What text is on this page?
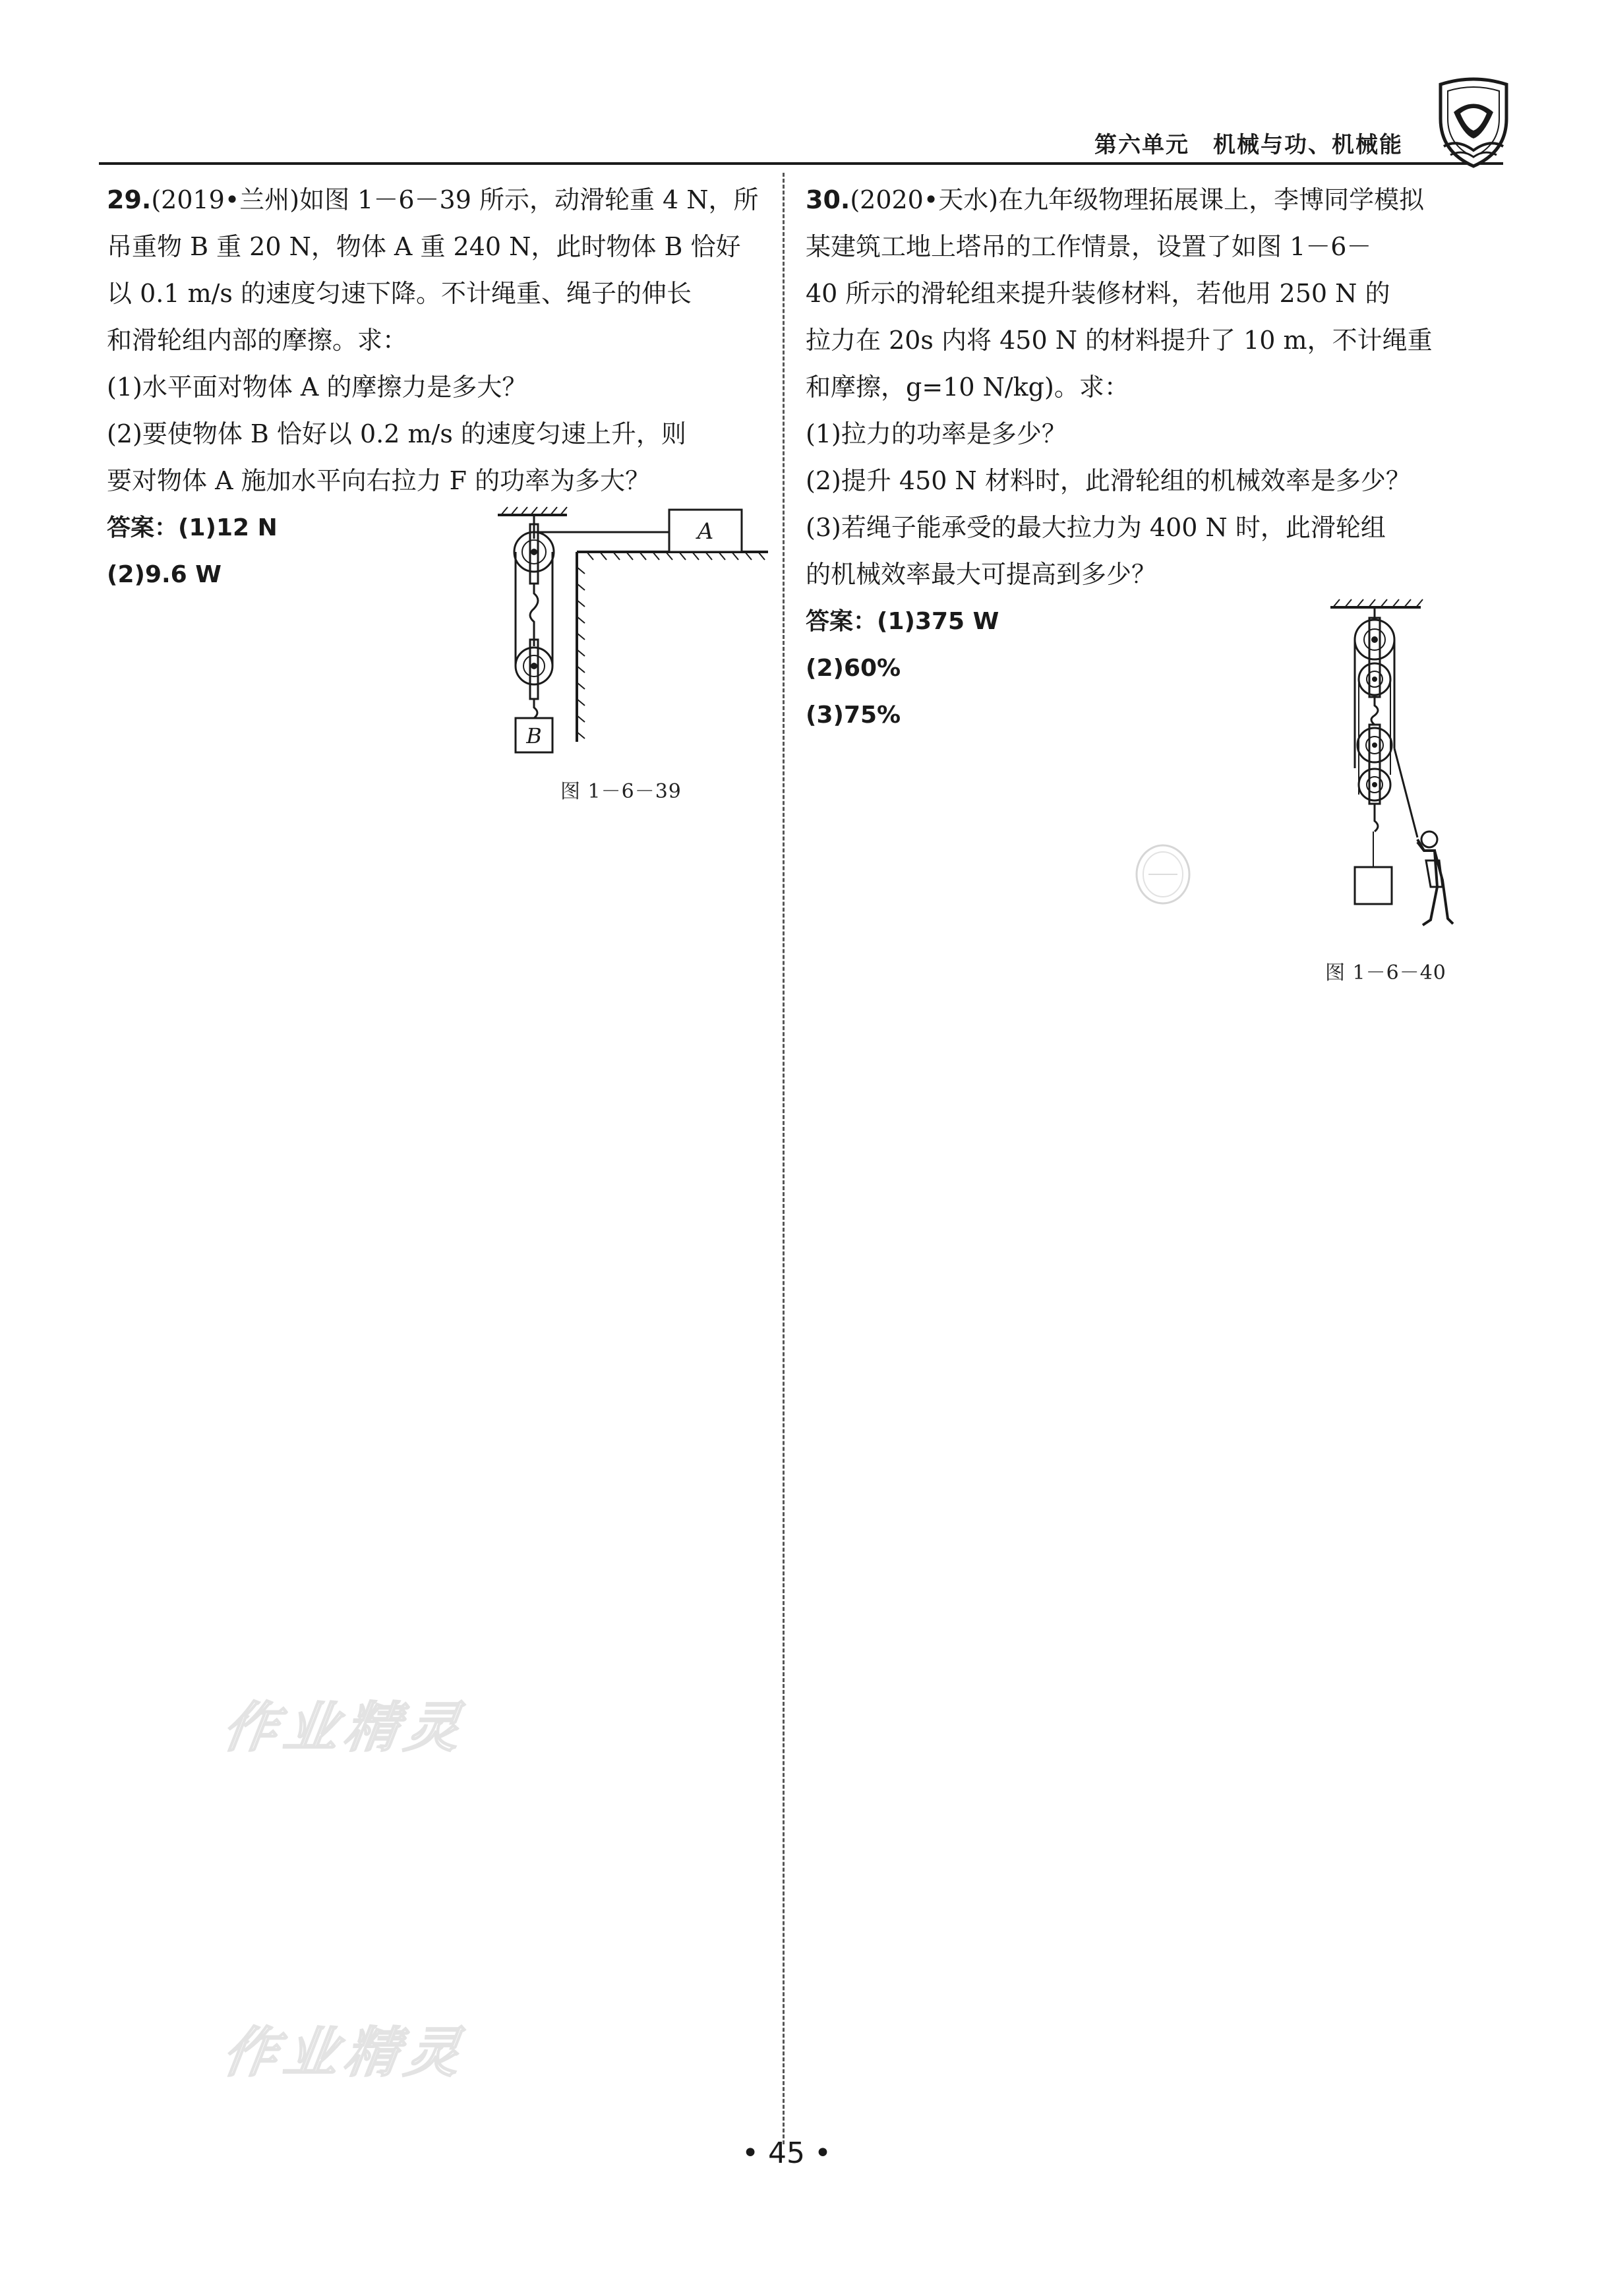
第六单元　机械与功、机械能
29.(2019•兰州)如图 1－6－39 所示，动滑轮重 4 N，所
吊重物 B 重 20 N，物体 A 重 240 N，此时物体 B 恰好
以 0.1 m/s 的速度匀速下降。不计绳重、绳子的伸长
和滑轮组内部的摩擦。求：
(1)水平面对物体 A 的摩擦力是多大？
(2)要使物体 B 恰好以 0.2 m/s 的速度匀速上升，则
要对物体 A 施加水平向右拉力 F 的功率为多大？
答案：(1)12 N
(2)9.6 W
A
B
图 1－6－39
30.(2020•天水)在九年级物理拓展课上，李博同学模拟
某建筑工地上塔吊的工作情景，设置了如图 1－6－
40 所示的滑轮组来提升装修材料，若他用 250 N 的
拉力在 20s 内将 450 N 的材料提升了 10 m，不计绳重
和摩擦，g=10 N/kg)。求：
(1)拉力的功率是多少？
(2)提升 450 N 材料时，此滑轮组的机械效率是多少？
(3)若绳子能承受的最大拉力为 400 N 时，此滑轮组
的机械效率最大可提高到多少？
答案：(1)375 W
(2)60%
(3)75%
图 1－6－40
作业精灵
作业精灵
• 45 •
